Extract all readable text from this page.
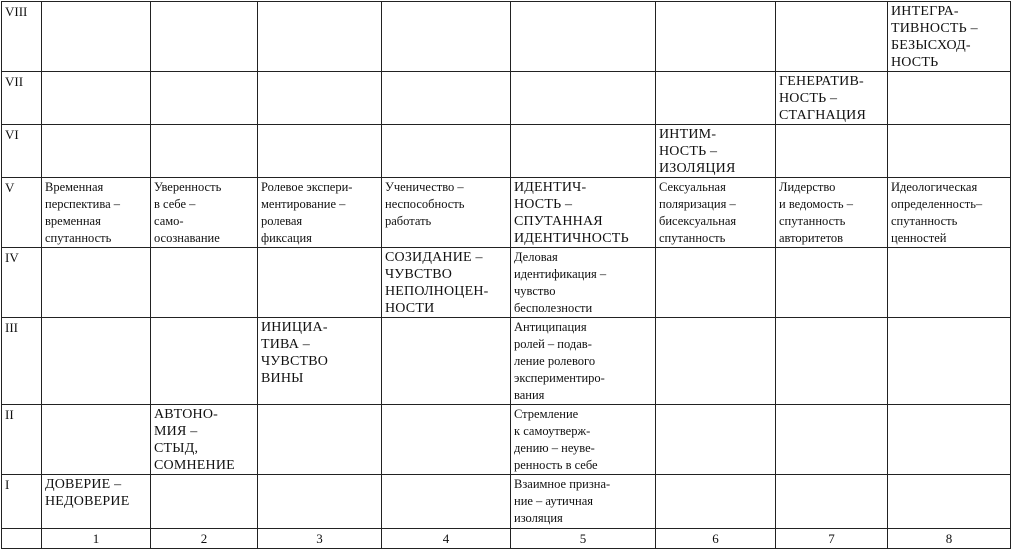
VIII								ИНТЕГРА-
ТИВНОСТЬ –
БЕЗЫСХОД-
НОСТЬ
VII							ГЕНЕРАТИВ-
НОСТЬ –
СТАГНАЦИЯ	
VI						ИНТИМ-
НОСТЬ –
ИЗОЛЯЦИЯ		
V	Временная
перспектива –
временная
спутанность	Уверенность
в себе –
само-
осознавание	Ролевое экспери-
ментирование –
ролевая
фиксация	Ученичество –
неспособность
работать	ИДЕНТИЧ-
НОСТЬ –
СПУТАННАЯ
ИДЕНТИЧНОСТЬ	Сексуальная
поляризация –
бисексуальная
спутанность	Лидерство
и ведомость –
спутанность
авторитетов	Идеологическая
определенность–
спутанность
ценностей
IV				СОЗИДАНИЕ –
ЧУВСТВО
НЕПОЛНОЦЕН-
НОСТИ	Деловая
идентификация –
чувство
бесполезности			
III			ИНИЦИА-
ТИВА –
ЧУВСТВО
ВИНЫ		Антиципация
ролей – подав-
ление ролевого
экспериментиро-
вания			
II		АВТОНО-
МИЯ –
СТЫД,
СОМНЕНИЕ			Стремление
к самоутверж-
дению – неуве-
ренность в себе			
I	ДОВЕРИЕ –
НЕДОВЕРИЕ				Взаимное призна-
ние – аутичная
изоляция			
	1	2	3	4	5	6	7	8
